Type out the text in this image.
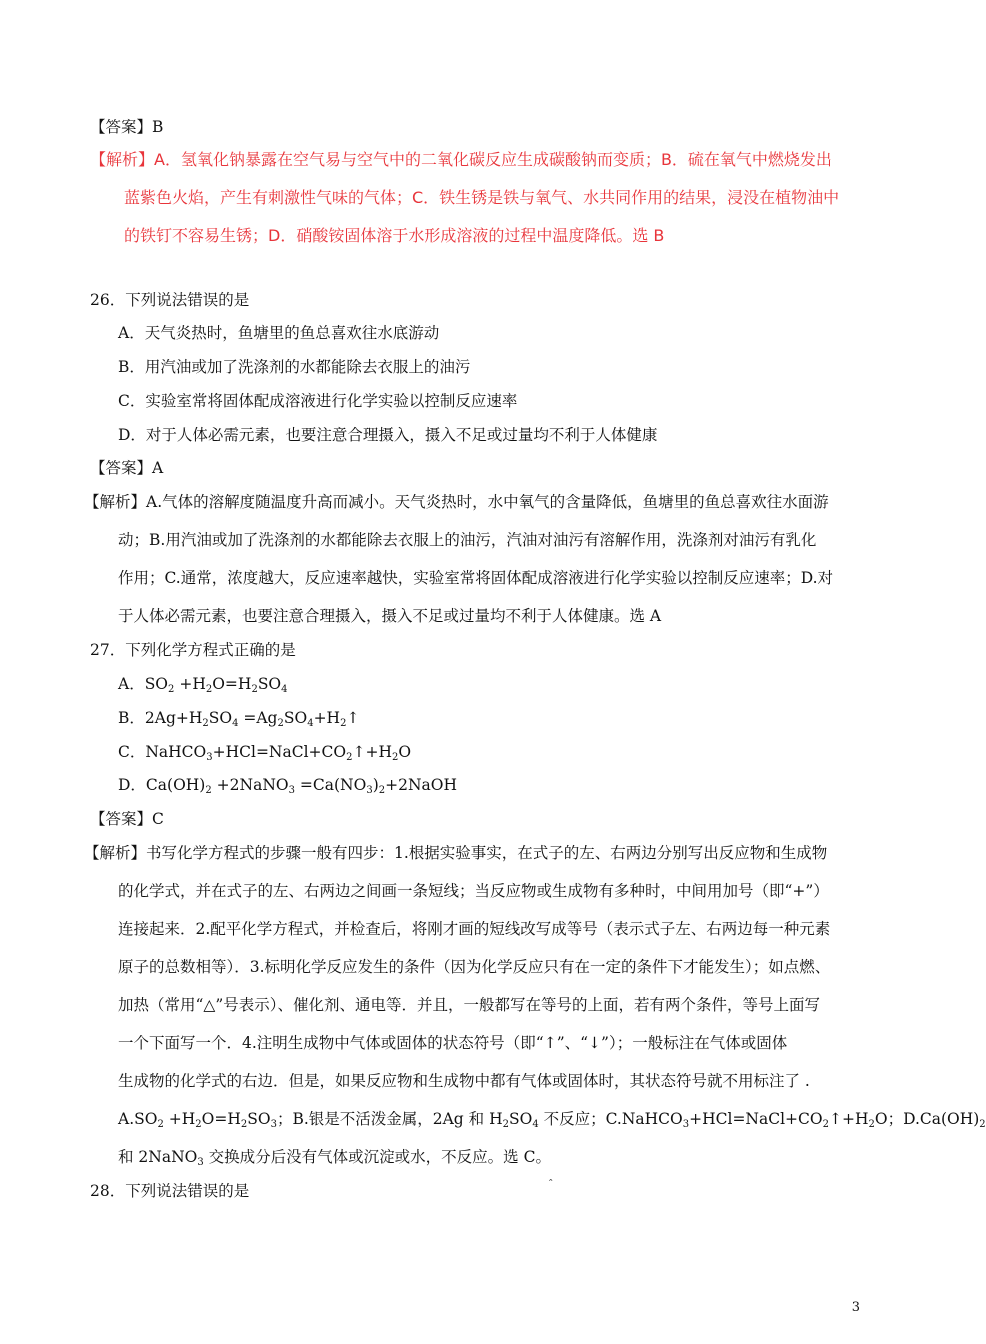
【答案】B
【解析】A．氢氧化钠暴露在空气易与空气中的二氧化碳反应生成碳酸钠而变质；B．硫在氧气中燃烧发出
蓝紫色火焰，产生有刺激性气味的气体；C．铁生锈是铁与氧气、水共同作用的结果，浸没在植物油中
的铁钉不容易生锈；D．硝酸铵固体溶于水形成溶液的过程中温度降低。选 B
26．下列说法错误的是
A．天气炎热时，鱼塘里的鱼总喜欢往水底游动
B．用汽油或加了洗涤剂的水都能除去衣服上的油污
C．实验室常将固体配成溶液进行化学实验以控制反应速率
D．对于人体必需元素，也要注意合理摄入，摄入不足或过量均不利于人体健康
【答案】A
【解析】A.气体的溶解度随温度升高而减小。天气炎热时，水中氧气的含量降低，鱼塘里的鱼总喜欢往水面游
动；B.用汽油或加了洗涤剂的水都能除去衣服上的油污，汽油对油污有溶解作用，洗涤剂对油污有乳化
作用；C.通常，浓度越大，反应速率越快，实验室常将固体配成溶液进行化学实验以控制反应速率；D.对
于人体必需元素，也要注意合理摄入，摄入不足或过量均不利于人体健康。选 A
27．下列化学方程式正确的是
A．$SO_2 +H_2O=H_2SO_4$
B．$2Ag+H_2SO_4$ $=Ag_2SO_4+H_2↑$
C．$NaHCO_3+HCl=NaCl+CO_2↑+H_2O$
D．$Ca(OH)_2$ +2NaNO$_3$ $=Ca(NO_3)_2+2NaOH$
【答案】C
【解析】书写化学方程式的步骤一般有四步：1.根据实验事实，在式子的左、右两边分别写出反应物和生成物
的化学式，并在式子的左、右两边之间画一条短线；当反应物或生成物有多种时，中间用加号（即“+”）
连接起来．2.配平化学方程式，并检查后，将刚才画的短线改写成等号（表示式子左、右两边每一种元素
原子的总数相等）．3.标明化学反应发生的条件（因为化学反应只有在一定的条件下才能发生）；如点燃、
加热（常用“△”号表示）、催化剂、通电等．并且，一般都写在等号的上面，若有两个条件，等号上面写
一个下面写一个．4.注明生成物中气体或固体的状态符号（即“↑”、“↓”）；一般标注在气体或固体
生成物的化学式的右边．但是，如果反应物和生成物中都有气体或固体时，其状态符号就不用标注了 .
$A.SO_2 +H_2O=H_2SO_3$；B.银是不活泼金属，2Ag 和 $H_2SO_4$ 不反应；$C.NaHCO_3+HCl=NaCl+CO_2↑+H_2O$；$D.Ca(OH)_2$
和 2NaNO$_3$ 交换成分后没有气体或沉淀或水，不反应。选 C。
28．下列说法错误的是	ˆ
3
